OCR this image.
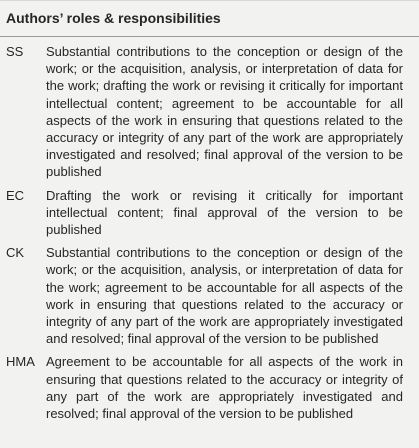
Authors’ roles & responsibilities
SS	Substantial contributions to the conception or design of the work; or the acquisition, analysis, or interpretation of data for the work; drafting the work or revising it critically for important intellectual content; agreement to be accountable for all aspects of the work in ensuring that questions related to the accuracy or integrity of any part of the work are appropriately investigated and resolved; final approval of the version to be published
EC	Drafting the work or revising it critically for important intellectual content; final approval of the version to be published
CK	Substantial contributions to the conception or design of the work; or the acquisition, analysis, or interpretation of data for the work; agreement to be accountable for all aspects of the work in ensuring that questions related to the accuracy or integrity of any part of the work are appropriately investigated and resolved; final approval of the version to be published
HMA Agreement to be accountable for all aspects of the work in ensuring that questions related to the accuracy or integrity of any part of the work are appropriately investigated and resolved; final approval of the version to be published
